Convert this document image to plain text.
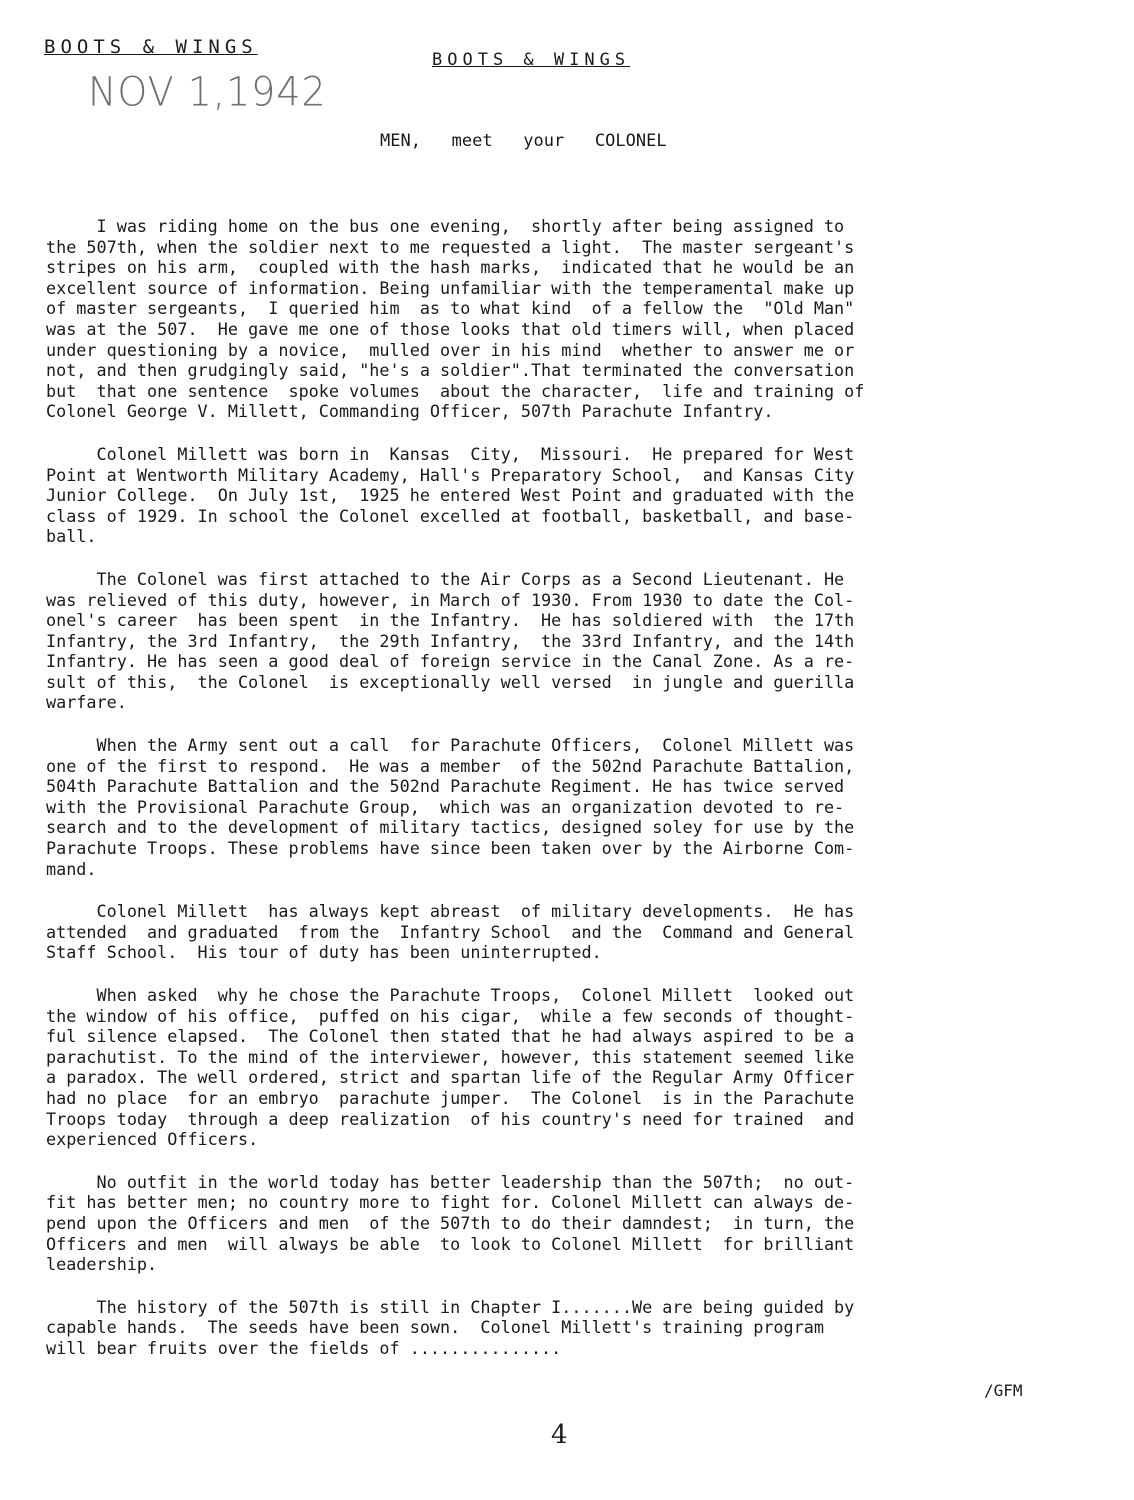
BOOTS & WINGS
NOV 1,1942
BOOTS & WINGS
MEN,   meet   your   COLONEL
I was riding home on the bus one evening,  shortly after being assigned to
the 507th, when the soldier next to me requested a light.  The master sergeant's
stripes on his arm,  coupled with the hash marks,  indicated that he would be an
excellent source of information. Being unfamiliar with the temperamental make up
of master sergeants,  I queried him  as to what kind  of a fellow the  "Old Man"
was at the 507.  He gave me one of those looks that old timers will, when placed
under questioning by a novice,  mulled over in his mind  whether to answer me or
not, and then grudgingly said, "he's a soldier".That terminated the conversation
but  that one sentence  spoke volumes  about the character,  life and training of
Colonel George V. Millett, Commanding Officer, 507th Parachute Infantry.
Colonel Millett was born in  Kansas  City,  Missouri.  He prepared for West
Point at Wentworth Military Academy, Hall's Preparatory School,  and Kansas City
Junior College.  On July 1st,  1925 he entered West Point and graduated with the
class of 1929. In school the Colonel excelled at football, basketball, and base-
ball.
The Colonel was first attached to the Air Corps as a Second Lieutenant. He
was relieved of this duty, however, in March of 1930. From 1930 to date the Col-
onel's career  has been spent  in the Infantry.  He has soldiered with  the 17th
Infantry, the 3rd Infantry,  the 29th Infantry,  the 33rd Infantry, and the 14th
Infantry. He has seen a good deal of foreign service in the Canal Zone. As a re-
sult of this,  the Colonel  is exceptionally well versed  in jungle and guerilla
warfare.
When the Army sent out a call  for Parachute Officers,  Colonel Millett was
one of the first to respond.  He was a member  of the 502nd Parachute Battalion,
504th Parachute Battalion and the 502nd Parachute Regiment. He has twice served
with the Provisional Parachute Group,  which was an organization devoted to re-
search and to the development of military tactics, designed soley for use by the
Parachute Troops. These problems have since been taken over by the Airborne Com-
mand.
Colonel Millett  has always kept abreast  of military developments.  He has
attended  and graduated  from the  Infantry School  and the  Command and General
Staff School.  His tour of duty has been uninterrupted.
When asked  why he chose the Parachute Troops,  Colonel Millett  looked out
the window of his office,  puffed on his cigar,  while a few seconds of thought-
ful silence elapsed.  The Colonel then stated that he had always aspired to be a
parachutist. To the mind of the interviewer, however, this statement seemed like
a paradox. The well ordered, strict and spartan life of the Regular Army Officer
had no place  for an embryo  parachute jumper.  The Colonel  is in the Parachute
Troops today  through a deep realization  of his country's need for trained  and
experienced Officers.
No outfit in the world today has better leadership than the 507th;  no out-
fit has better men; no country more to fight for. Colonel Millett can always de-
pend upon the Officers and men  of the 507th to do their damndest;  in turn, the
Officers and men  will always be able  to look to Colonel Millett  for brilliant
leadership.
The history of the 507th is still in Chapter I.......We are being guided by
capable hands.  The seeds have been sown.  Colonel Millett's training program
will bear fruits over the fields of ...............
/GFM
4
